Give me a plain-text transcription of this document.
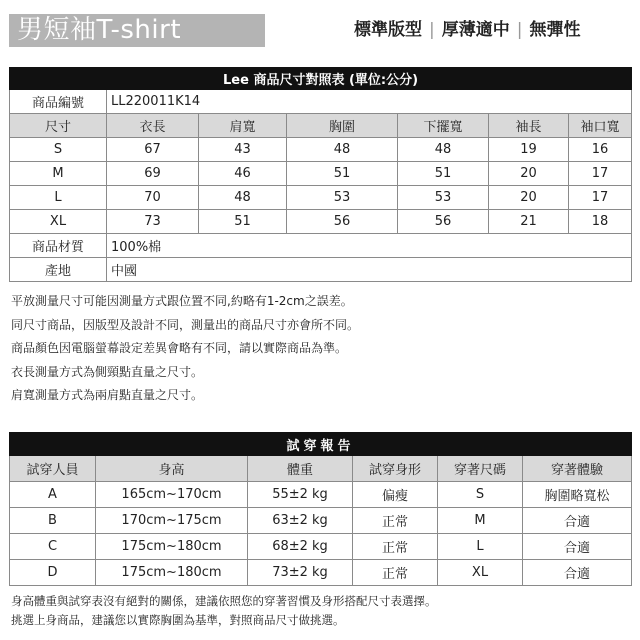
男短袖T-shirt	標準版型 | 厚薄適中 | 無彈性
Lee 商品尺寸對照表 (單位:公分)						
商品編號	LL220011K14					
尺寸	衣長	肩寬	胸圍	下擺寬	袖長	袖口寬
S	67	43	48	48	19	16
M	69	46	51	51	20	17
L	70	48	53	53	20	17
XL	73	51	56	56	21	18
商品材質	100%棉					
產地	中國					
平放測量尺寸可能因測量方式跟位置不同,約略有1-2cm之誤差。
同尺寸商品，因版型及設計不同，測量出的商品尺寸亦會所不同。
商品顏色因電腦螢幕設定差異會略有不同，請以實際商品為準。
衣長測量方式為側頸點直量之尺寸。
肩寬測量方式為兩肩點直量之尺寸。
試穿報告					
試穿人員	身高	體重	試穿身形	穿著尺碼	穿著體驗
A	165cm~170cm	55±2 kg	偏瘦	S	胸圍略寬松
B	170cm~175cm	63±2 kg	正常	M	合適
C	175cm~180cm	68±2 kg	正常	L	合適
D	175cm~180cm	73±2 kg	正常	XL	合適
身高體重與試穿表沒有絕對的關係，建議依照您的穿著習慣及身形搭配尺寸表選擇。
挑選上身商品，建議您以實際胸圍為基準，對照商品尺寸做挑選。
